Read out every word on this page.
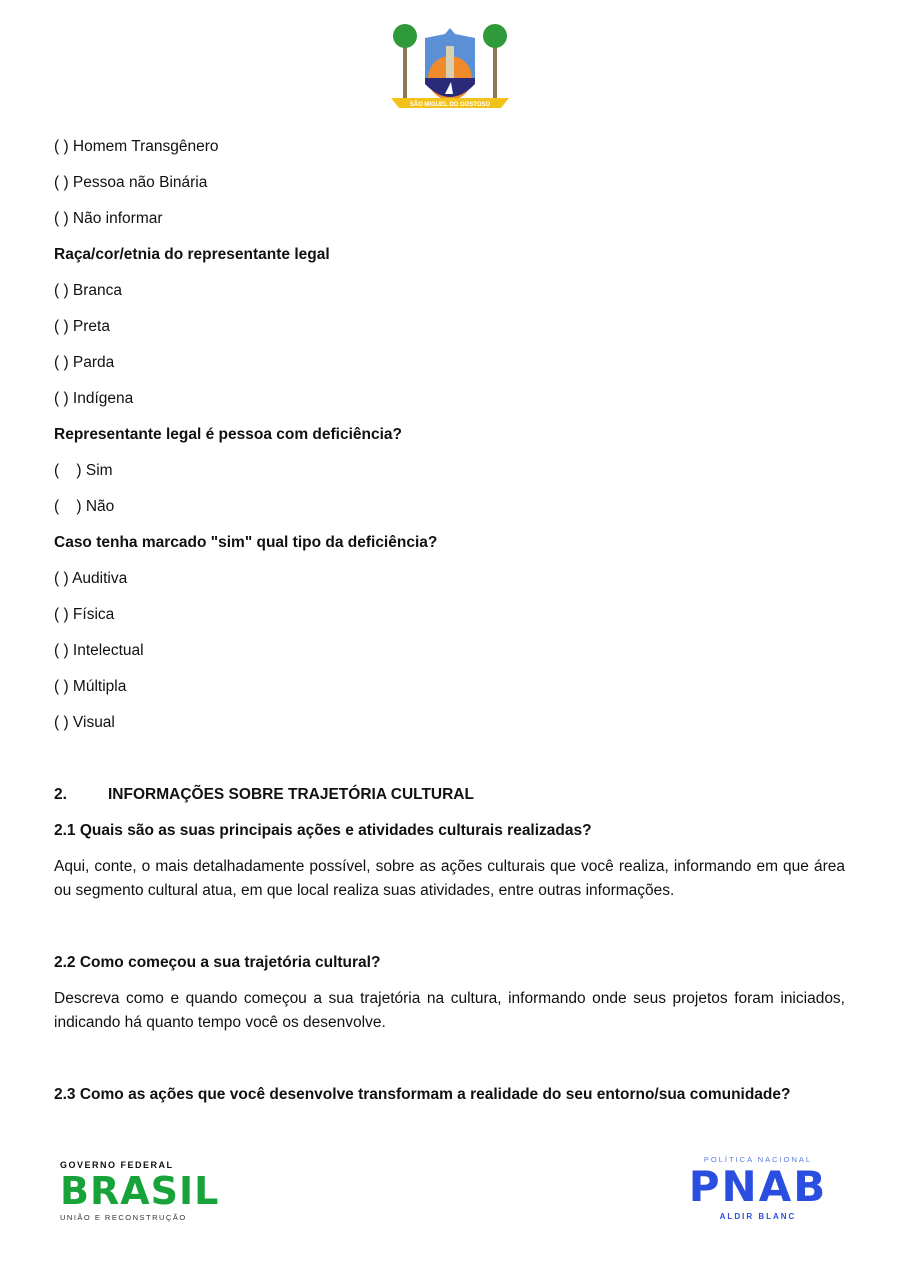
SÃO MIGUEL DO GOSTOSO
( ) Homem Transgênero
( ) Pessoa não Binária
( ) Não informar
Raça/cor/etnia do representante legal
( ) Branca
( ) Preta
( ) Parda
( ) Indígena
Representante legal é pessoa com deficiência?
(    ) Sim
(    ) Não
Caso tenha marcado "sim" qual tipo da deficiência?
( ) Auditiva
( ) Física
( ) Intelectual
( ) Múltipla
( ) Visual
2.	INFORMAÇÕES SOBRE TRAJETÓRIA CULTURAL
2.1 Quais são as suas principais ações e atividades culturais realizadas?
Aqui, conte, o mais detalhadamente possível, sobre as ações culturais que você realiza, informando em que área ou segmento cultural atua, em que local realiza suas atividades, entre outras informações.
2.2 Como começou a sua trajetória cultural?
Descreva como e quando começou a sua trajetória na cultura, informando onde seus projetos foram iniciados, indicando há quanto tempo você os desenvolve.
2.3 Como as ações que você desenvolve transformam a realidade do seu entorno/sua comunidade?
GOVERNO FEDERAL
BRASIL
UNIÃO E RECONSTRUÇÃO
POLÍTICA NACIONAL
PNAB
ALDIR BLANC
